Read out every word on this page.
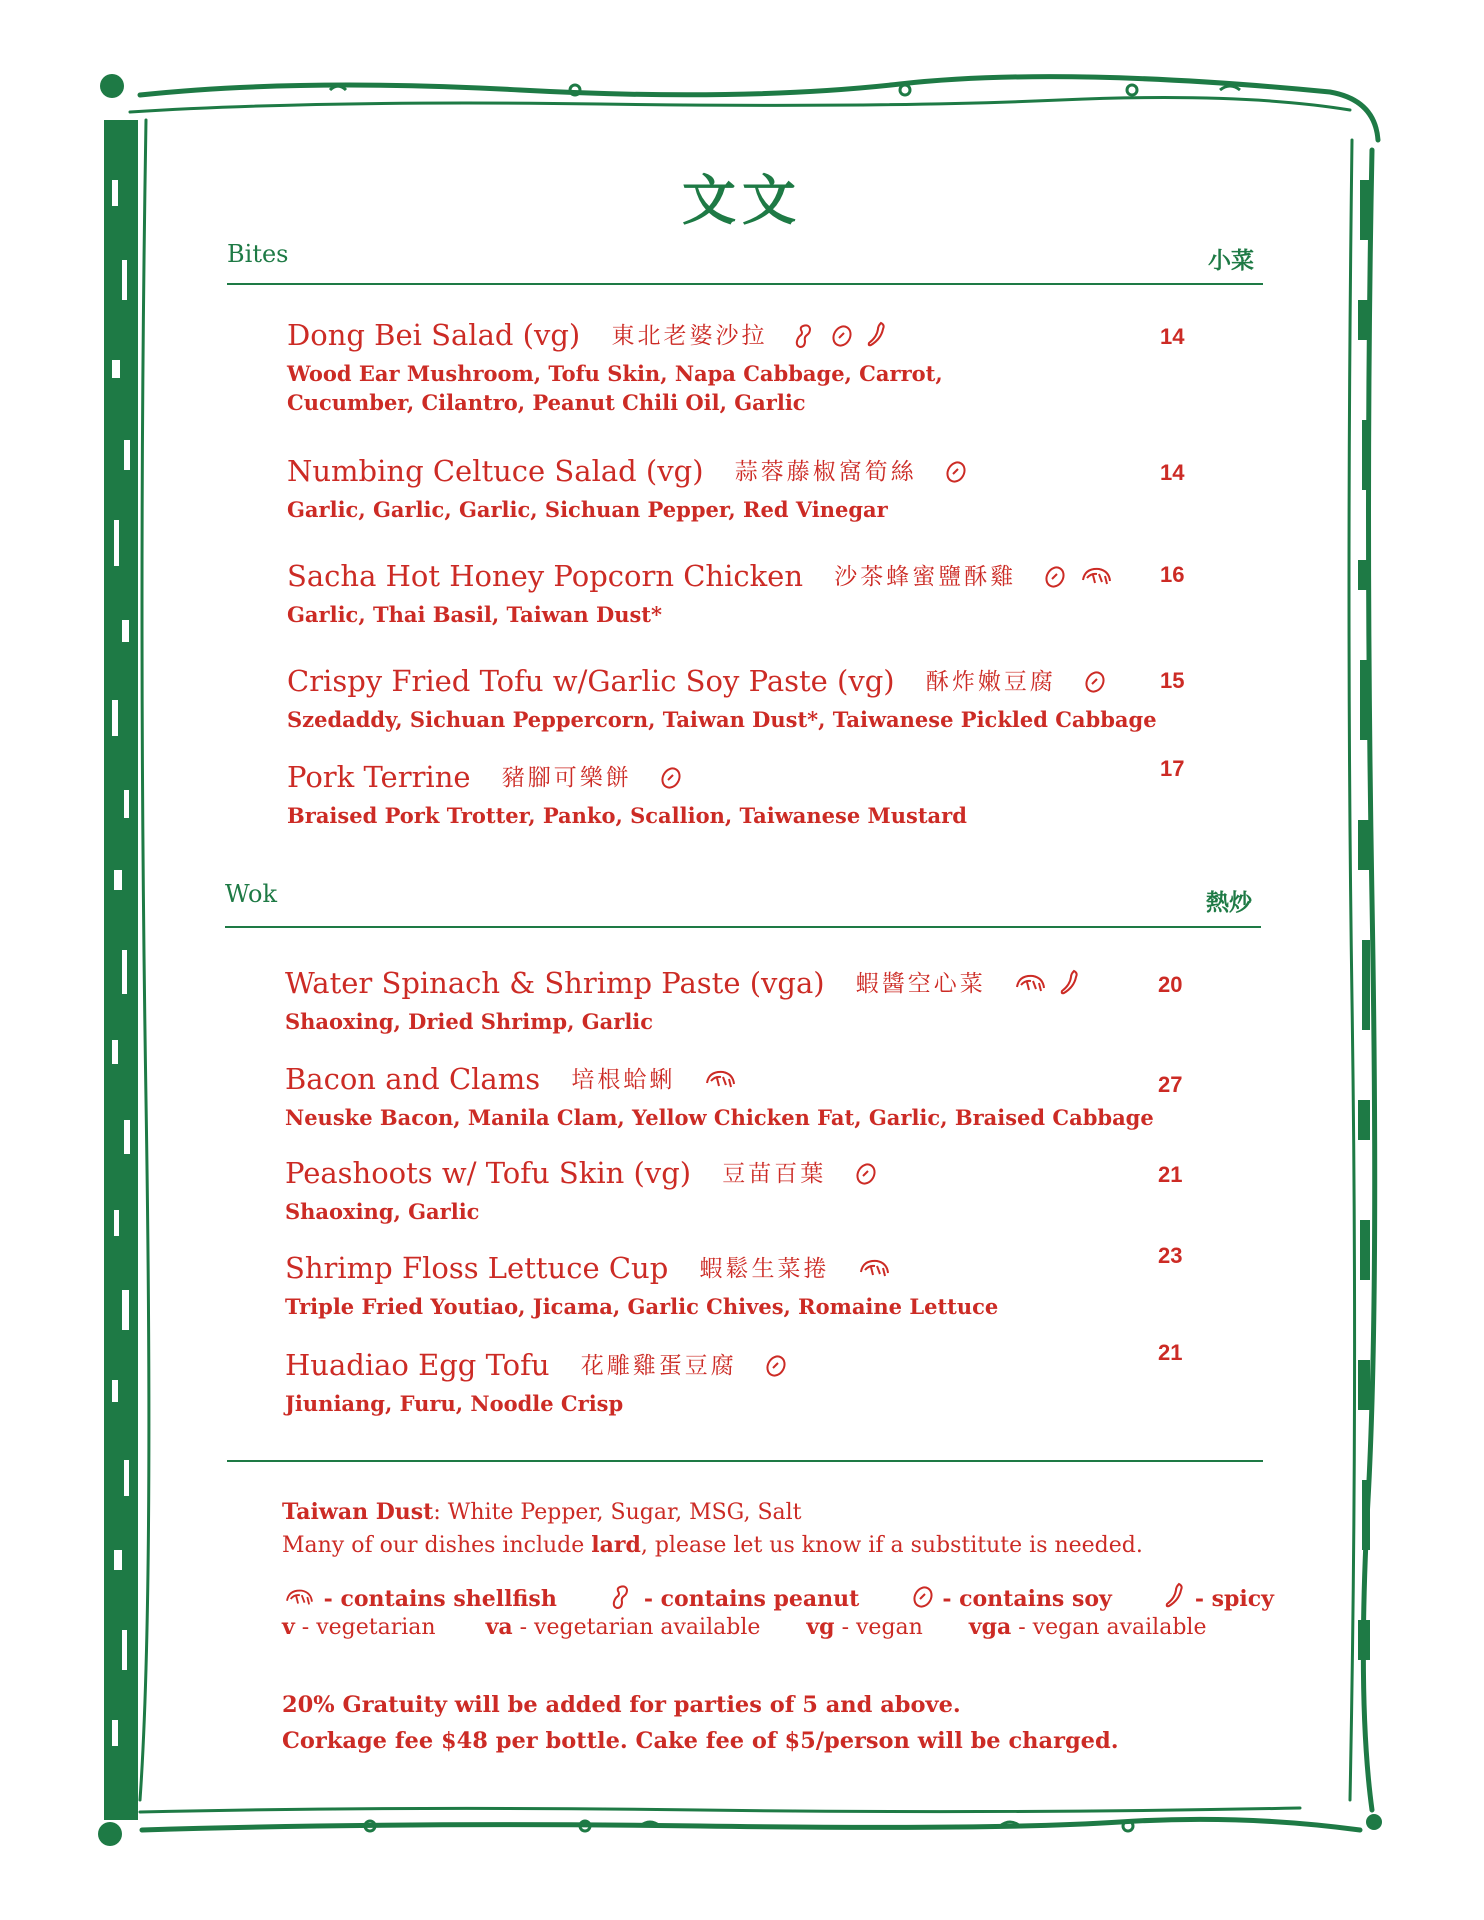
文文
Bites	小菜
Dong Bei Salad (vg) 東北老婆沙拉
Wood Ear Mushroom, Tofu Skin, Napa Cabbage, Carrot,
Cucumber, Cilantro, Peanut Chili Oil, Garlic
14
Numbing Celtuce Salad (vg) 蒜蓉藤椒窩筍絲
Garlic, Garlic, Garlic, Sichuan Pepper, Red Vinegar
14
Sacha Hot Honey Popcorn Chicken 沙茶蜂蜜鹽酥雞
Garlic, Thai Basil, Taiwan Dust*
16
Crispy Fried Tofu w/Garlic Soy Paste (vg) 酥炸嫩豆腐
Szedaddy, Sichuan Peppercorn, Taiwan Dust*, Taiwanese Pickled Cabbage
15
Pork Terrine 豬腳可樂餅
Braised Pork Trotter, Panko, Scallion, Taiwanese Mustard
17
Wok	熱炒
Water Spinach & Shrimp Paste (vga) 蝦醬空心菜
Shaoxing, Dried Shrimp, Garlic
20
Bacon and Clams 培根蛤蜊
Neuske Bacon, Manila Clam, Yellow Chicken Fat, Garlic, Braised Cabbage
27
Peashoots w/ Tofu Skin (vg) 豆苗百葉
Shaoxing, Garlic
21
Shrimp Floss Lettuce Cup 蝦鬆生菜捲
Triple Fried Youtiao, Jicama, Garlic Chives, Romaine Lettuce
23
Huadiao Egg Tofu 花雕雞蛋豆腐
Jiuniang, Furu, Noodle Crisp
21
Taiwan Dust: White Pepper, Sugar, MSG, Salt
Many of our dishes include lard, please let us know if a substitute is needed.
- contains shellfish	- contains peanut	- contains soy	- spicy
v - vegetarian va - vegetarian available vg - vegan vga - vegan available
20% Gratuity will be added for parties of 5 and above.
Corkage fee $48 per bottle. Cake fee of $5/person will be charged.
